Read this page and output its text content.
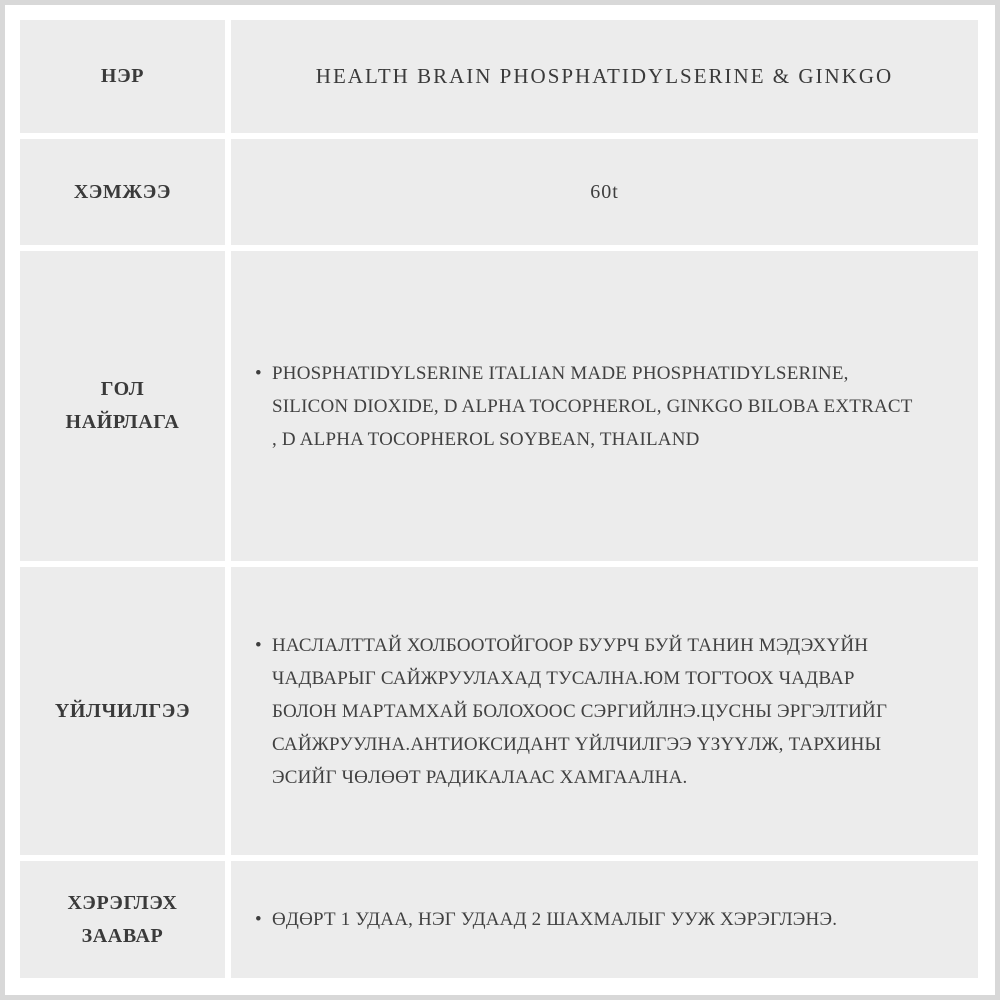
НЭР	HEALTH BRAIN PHOSPHATIDYLSERINE & GINKGO
ХЭМЖЭЭ	60t
ГОЛ НАЙРЛАГА
• PHOSPHATIDYLSERINE ITALIAN MADE PHOSPHATIDYLSERINE, SILICON DIOXIDE, D ALPHA TOCOPHEROL, GINKGO BILOBA EXTRACT , D ALPHA TOCOPHEROL SOYBEAN, THAILAND
ҮЙЛЧИЛГЭЭ
• НАСЛАЛТТАЙ ХОЛБООТОЙГООР БУУРЧ БУЙ ТАНИН МЭДЭХҮЙН ЧАДВАРЫГ САЙЖРУУЛАХАД ТУСАЛНА.ЮМ ТОГТООХ ЧАДВАР БОЛОН МАРТАМХАЙ БОЛОХООС СЭРГИЙЛНЭ.ЦУСНЫ ЭРГЭЛТИЙГ САЙЖРУУЛНА.АНТИОКСИДАНТ ҮЙЛЧИЛГЭЭ ҮЗҮҮЛЖ, ТАРХИНЫ ЭСИЙГ ЧӨЛӨӨТ РАДИКАЛААС ХАМГААЛНА.
ХЭРЭГЛЭХ ЗААВАР
• ӨДӨРТ 1 УДАА, НЭГ УДААД 2 ШАХМАЛЫГ УУЖ ХЭРЭГЛЭНЭ.
